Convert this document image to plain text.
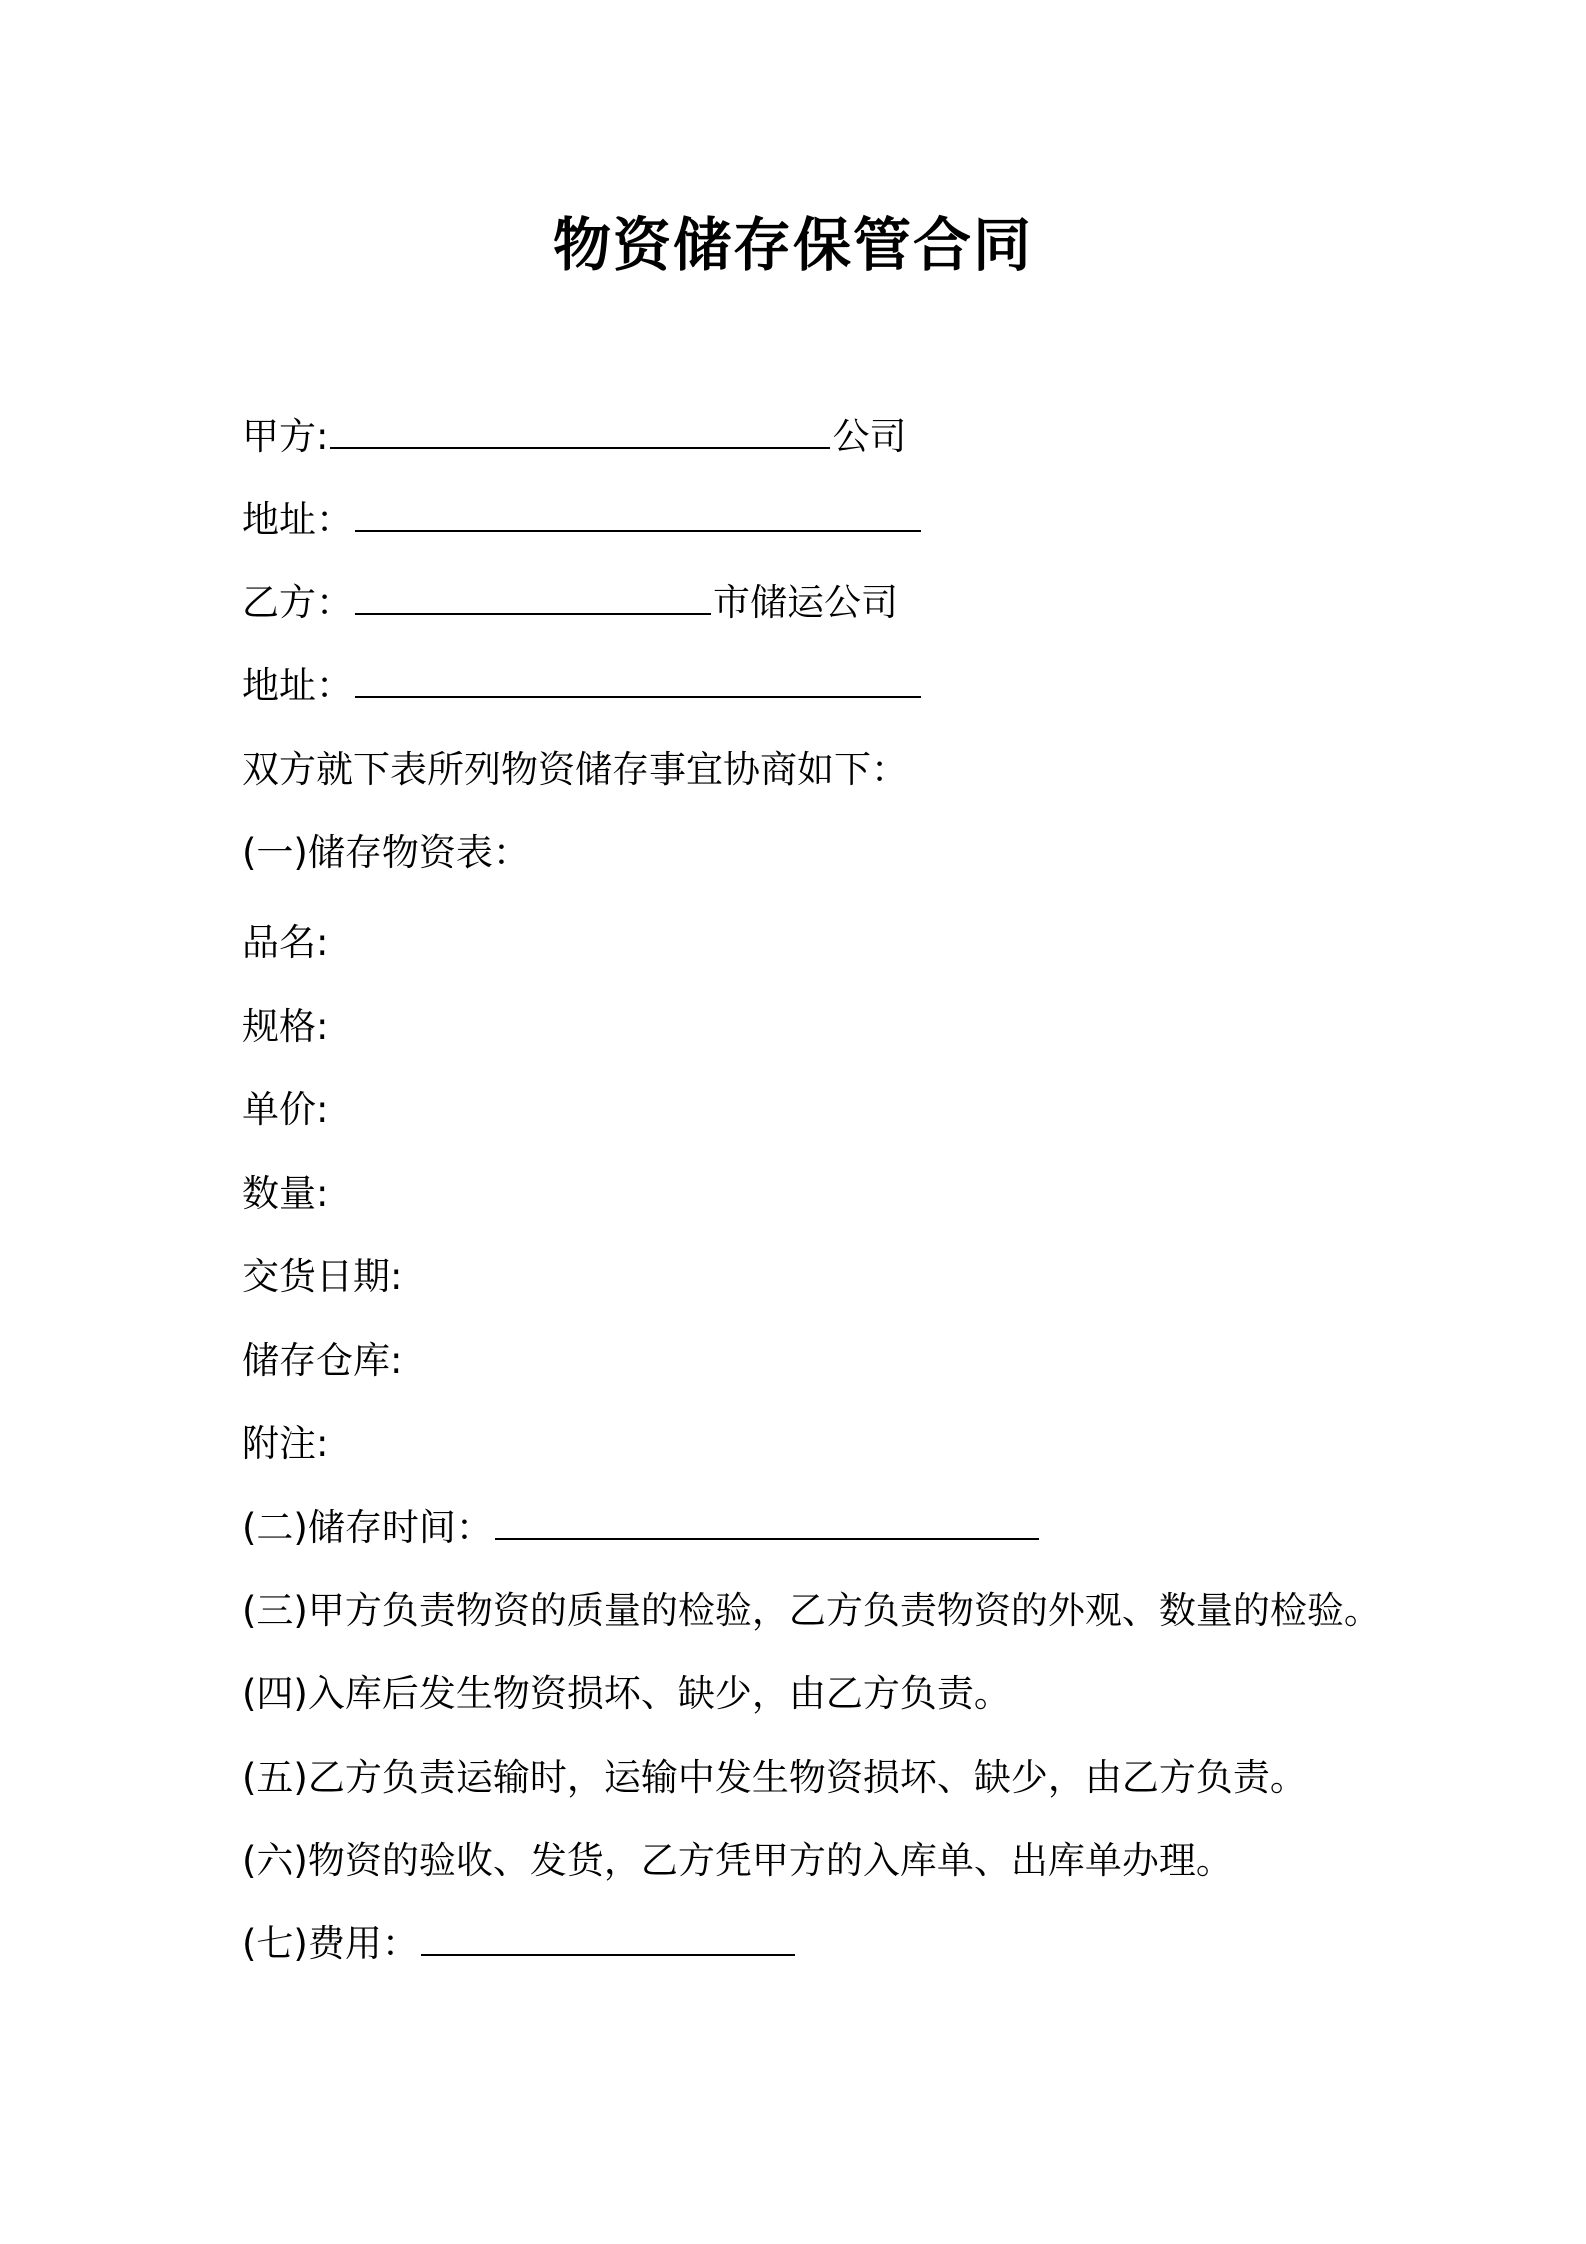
物资储存保管合同
甲方:	公司
地址：
乙方：	市储运公司
地址：
双方就下表所列物资储存事宜协商如下：
(一)储存物资表：
品名:
规格:
单价:
数量:
交货日期:
储存仓库:
附注:
(二)储存时间：
(三)甲方负责物资的质量的检验，乙方负责物资的外观、数量的检验。
(四)入库后发生物资损坏、缺少，由乙方负责。
(五)乙方负责运输时，运输中发生物资损坏、缺少，由乙方负责。
(六)物资的验收、发货，乙方凭甲方的入库单、出库单办理。
(七)费用：
